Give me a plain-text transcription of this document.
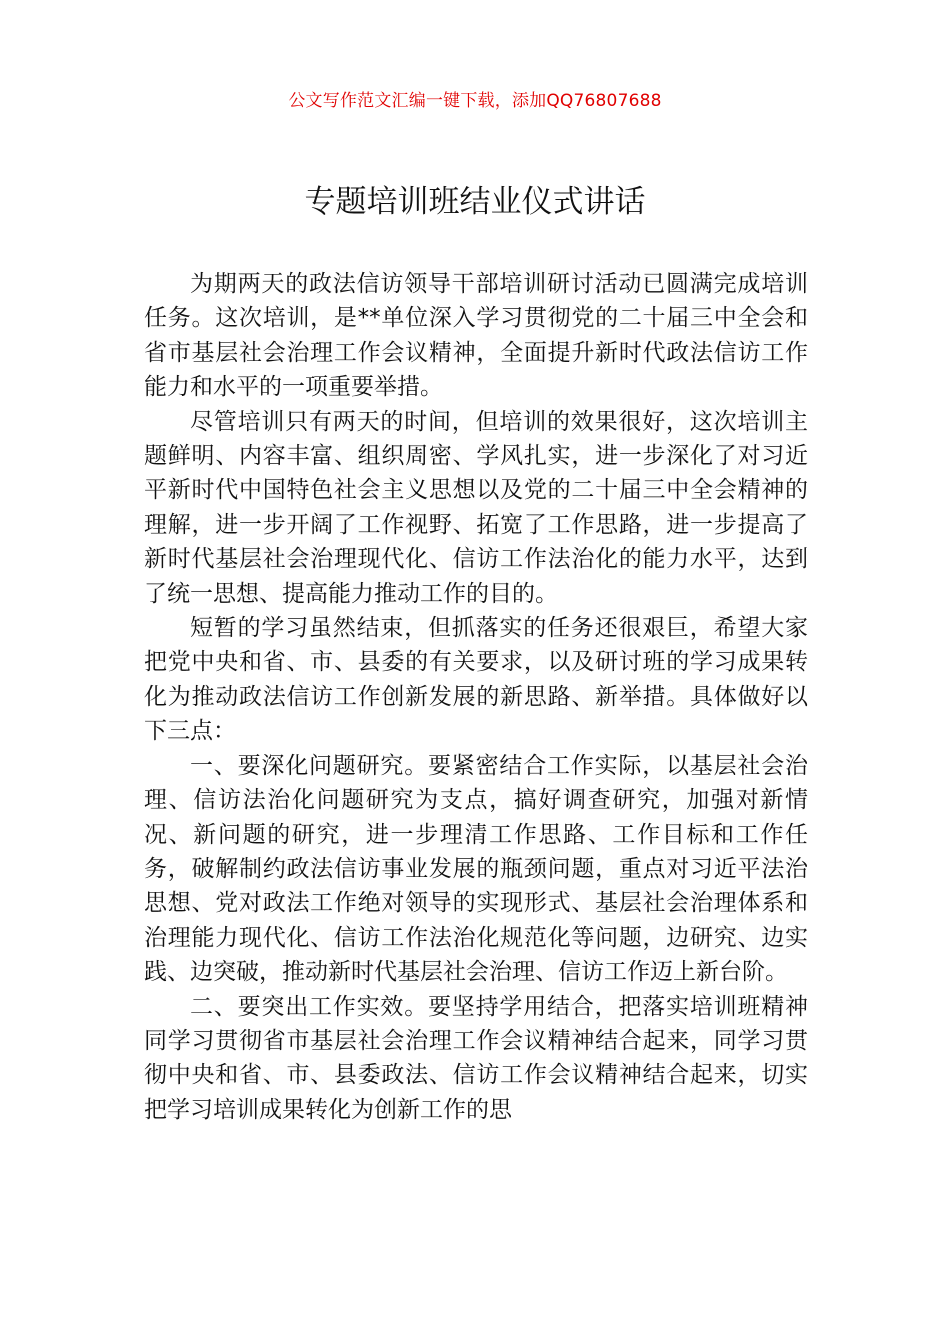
公文写作范文汇编一键下载，添加QQ76807688
专题培训班结业仪式讲话

为期两天的政法信访领导干部培训研讨活动已圆满完成培训任务。这次培训，是**单位深入学习贯彻党的二十届三中全会和省市基层社会治理工作会议精神，全面提升新时代政法信访工作能力和水平的一项重要举措。

尽管培训只有两天的时间，但培训的效果很好，这次培训主题鲜明、内容丰富、组织周密、学风扎实，进一步深化了对习近平新时代中国特色社会主义思想以及党的二十届三中全会精神的理解，进一步开阔了工作视野、拓宽了工作思路，进一步提高了新时代基层社会治理现代化、信访工作法治化的能力水平，达到了统一思想、提高能力推动工作的目的。

短暂的学习虽然结束，但抓落实的任务还很艰巨，希望大家把党中央和省、市、县委的有关要求，以及研讨班的学习成果转化为推动政法信访工作创新发展的新思路、新举措。具体做好以下三点：

一、要深化问题研究。要紧密结合工作实际，以基层社会治理、信访法治化问题研究为支点，搞好调查研究，加强对新情况、新问题的研究，进一步理清工作思路、工作目标和工作任务，破解制约政法信访事业发展的瓶颈问题，重点对习近平法治思想、党对政法工作绝对领导的实现形式、基层社会治理体系和治理能力现代化、信访工作法治化规范化等问题，边研究、边实践、边突破，推动新时代基层社会治理、信访工作迈上新台阶。

二、要突出工作实效。要坚持学用结合，把落实培训班精神同学习贯彻省市基层社会治理工作会议精神结合起来，同学习贯彻中央和省、市、县委政法、信访工作会议精神结合起来，切实把学习培训成果转化为创新工作的思
